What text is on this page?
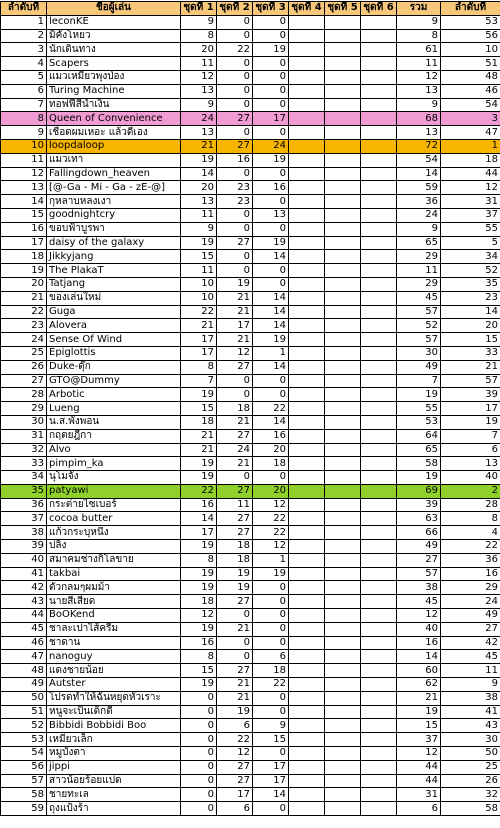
ลำดับที่	ชื่อผู้เล่น	ชุดที่ 1	ชุดที่ 2	ชุดที่ 3	ชุดที่ 4	ชุดที่ 5	ชุดที่ 6	รวม	ลำดับที่
1	leconKE	9	0	0				9	53
2	มิคังโหยว	8	0	0				8	56
3	นักเดินทาง	20	22	19				61	10
4	Scapers	11	0	0				11	51
5	แมวเหมียวพุงป่อง	12	0	0				12	48
6	Turing Machine	13	0	0				13	46
7	ทอฟฟี่สีน้ำเงิน	9	0	0				9	54
8	Queen of Convenience	24	27	17				68	3
9	เชือดผมเหอะ แล้วดีเอง	13	0	0				13	47
10	loopdaloop	21	27	24				72	1
11	แมวเทา	19	16	19				54	18
12	Fallingdown_heaven	14	0	0				14	44
13	[@-Ga - Mi - Ga - zE-@]	20	23	16				59	12
14	กุหลาบหลงเงา	13	23	0				36	31
15	goodnightcry	11	0	13				24	37
16	ขอบฟ้าบูรพา	9	0	0				9	55
17	daisy of the galaxy	19	27	19				65	5
18	Jikkyjang	15	0	14				29	34
19	The PlakaT	11	0	0				11	52
20	Tatjang	10	19	0				29	35
21	ของเล่นใหม่	10	21	14				45	23
22	Guga	22	21	14				57	14
23	Alovera	21	17	14				52	20
24	Sense Of Wind	17	21	19				57	15
25	Epiglottis	17	12	1				30	33
26	Duke-ดุ๊ก	8	27	14				49	21
27	GTO@Dummy	7	0	0				7	57
28	Arbotic	19	0	0				19	39
29	Lueng	15	18	22				55	17
30	น.ส.พังพอน	18	21	14				53	19
31	กฤตยฎีกา	21	27	16				64	7
32	Alvo	21	24	20				65	6
33	pimpim_ka	19	21	18				58	13
34	นุโมจัง	19	0	0				19	40
35	patyawi	22	27	20				69	2
36	กระต่ายไซเบอร์	16	11	12				39	28
37	cocoa butter	14	27	22				63	8
38	แก้วกระบุหนึ่ง	17	27	22				66	4
39	ปลิง	19	18	12				49	22
40	สมาคมช่างกิโลขาย	8	18	1				27	36
41	takbai	19	19	19				57	16
42	ตัวกลมๆผมม้า	19	19	0				38	29
43	นายสีเสียด	18	27	0				45	24
44	BoOKend	12	0	0				12	49
45	ชาละเปาไส้ครีม	19	21	0				40	27
46	ชาดาน	16	0	0				16	42
47	nanoguy	8	0	6				14	45
48	แดงชายน้อย	15	27	18				60	11
49	Autster	19	21	22				62	9
50	โปรดทำให้ฉันหยุดหัวเราะ	0	21	0				21	38
51	หนูจะเป็นเด็กดี	0	19	0				19	41
52	Bibbidi Bobbidi Boo	0	6	9				15	43
53	เหมียวเล็ก	0	22	15				37	30
54	หมูบังตา	0	12	0				12	50
56	jippi	0	27	17				44	25
57	สาวน้อยร้อยแปด	0	27	17				44	26
58	ชายทะเล	0	17	14				31	32
59	ถุงแป้งร้า	0	6	0				6	58
